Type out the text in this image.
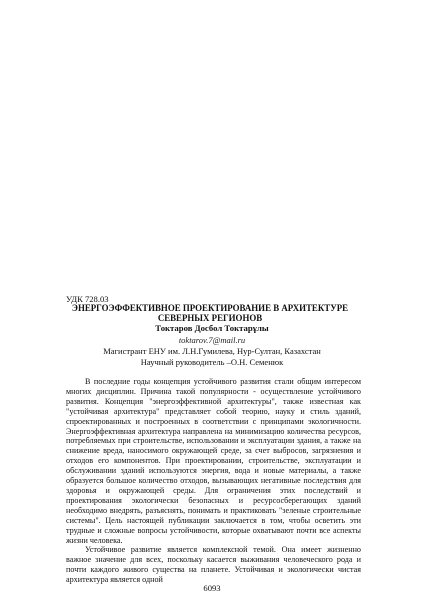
УДК 728.03
ЭНЕРГОЭФФЕКТИВНОЕ ПРОЕКТИРОВАНИЕ В АРХИТЕКТУРЕ СЕВЕРНЫХ РЕГИОНОВ
Токтаров Досбол Токтарұлы
toktarov.7@mail.ru
Магистрант ЕНУ им. Л.Н.Гумилева, Нур-Султан, Казахстан
Научный руководитель –О.Н. Семенюк

В последние годы концепция устойчивого развития стали общим интересом многих дисциплин. Причина такой популярности - осуществление устойчивого развития. Концепция "энергоэффективной архитектуры", также известная как "устойчивая архитектура" представляет собой теорию, науку и стиль зданий, спроектированных и построенных в соответствии с принципами экологичности. Энергоэффективная архитектура направлена на минимизацию количества ресурсов, потребляемых при строительстве, использовании и эксплуатации здания, а также на снижение вреда, наносимого окружающей среде, за счет выбросов, загрязнения и отходов его компонентов. При проектировании, строительстве, эксплуатации и обслуживании зданий используются энергия, вода и новые материалы, а также образуется большое количество отходов, вызывающих негативные последствия для здоровья и окружающей среды. Для ограничения этих последствий и проектирования экологически безопасных и ресурсосберегающих зданий необходимо внедрять, разъяснять, понимать и практиковать "зеленые строительные системы". Цель настоящей публикации заключается в том, чтобы осветить эти трудные и сложные вопросы устойчивости, которые охватывают почти все аспекты жизни человека.

Устойчивое развитие является комплексной темой. Она имеет жизненно важное значение для всех, поскольку касается выживания человеческого рода и почти каждого живого существа на планете. Устойчивая и экологически чистая архитектура является одной

6093
